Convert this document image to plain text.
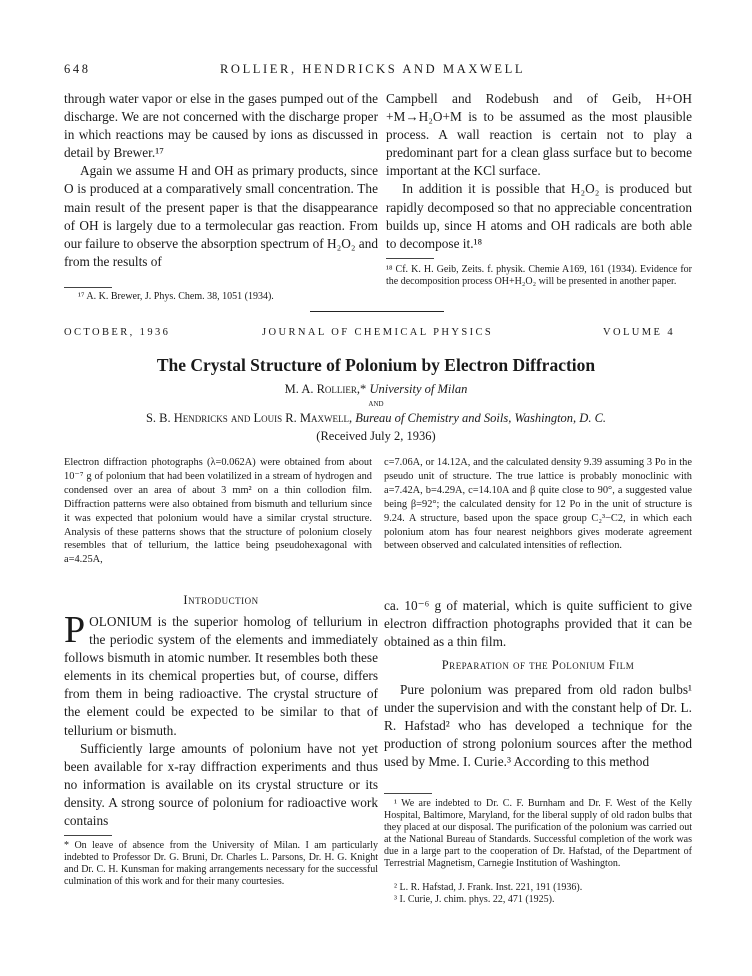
648	ROLLIER, HENDRICKS AND MAXWELL

through water vapor or else in the gases pumped out of the discharge. We are not concerned with the discharge proper in which reactions may be caused by ions as discussed in detail by Brewer.¹⁷

Again we assume H and OH as primary products, since O is produced at a comparatively small concentration. The main result of the present paper is that the disappearance of OH is largely due to a termolecular gas reaction. From our failure to observe the absorption spectrum of H₂O₂ and from the results of

¹⁷ A. K. Brewer, J. Phys. Chem. 38, 1051 (1934).

Campbell and Rodebush and of Geib, H+OH +M→H₂O+M is to be assumed as the most plausible process. A wall reaction is certain not to play a predominant part for a clean glass surface but to become important at the KCl surface.

In addition it is possible that H₂O₂ is produced but rapidly decomposed so that no appreciable concentration builds up, since H atoms and OH radicals are both able to decompose it.¹⁸

¹⁸ Cf. K. H. Geib, Zeits. f. physik. Chemie A169, 161 (1934). Evidence for the decomposition process OH+H₂O₂ will be presented in another paper.
OCTOBER, 1936	JOURNAL OF CHEMICAL PHYSICS	VOLUME 4
The Crystal Structure of Polonium by Electron Diffraction
M. A. Rollier,* University of Milan
and
S. B. Hendricks and Louis R. Maxwell, Bureau of Chemistry and Soils, Washington, D. C.
(Received July 2, 1936)
Electron diffraction photographs (λ=0.062A) were obtained from about 10⁻⁷ g of polonium that had been volatilized in a stream of hydrogen and condensed over an area of about 3 mm² on a thin collodion film. Diffraction patterns were also obtained from bismuth and tellurium since it was expected that polonium would have a similar crystal structure. Analysis of these patterns shows that the structure of polonium closely resembles that of tellurium, the lattice being pseudohexagonal with a=4.25A,
c=7.06A, or 14.12A, and the calculated density 9.39 assuming 3 Po in the pseudo unit of structure. The true lattice is probably monoclinic with a=7.42A, b=4.29A, c=14.10A and β quite close to 90°, a suggested value being β=92°; the calculated density for 12 Po in the unit of structure is 9.24. A structure, based upon the space group C₂³−C2, in which each polonium atom has four nearest neighbors gives moderate agreement between observed and calculated intensities of reflection.
Introduction

POLONIUM is the superior homolog of tellurium in the periodic system of the elements and immediately follows bismuth in atomic number. It resembles both these elements in its chemical properties but, of course, differs from them in being radioactive. The crystal structure of the element could be expected to be similar to that of tellurium or bismuth.

Sufficiently large amounts of polonium have not yet been available for x-ray diffraction experiments and thus no information is available on its crystal structure or its density. A strong source of polonium for radioactive work contains

* On leave of absence from the University of Milan. I am particularly indebted to Professor Dr. G. Bruni, Dr. Charles L. Parsons, Dr. H. G. Knight and Dr. C. H. Kunsman for making arrangements necessary for the successful culmination of this work and for their many courtesies.
ca. 10⁻⁶ g of material, which is quite sufficient to give electron diffraction photographs provided that it can be obtained as a thin film.
Preparation of the Polonium Film
Pure polonium was prepared from old radon bulbs¹ under the supervision and with the constant help of Dr. L. R. Hafstad² who has developed a technique for the production of strong polonium sources after the method used by Mme. I. Curie.³ According to this method
¹ We are indebted to Dr. C. F. Burnham and Dr. F. West of the Kelly Hospital, Baltimore, Maryland, for the liberal supply of old radon bulbs that they placed at our disposal. The purification of the polonium was carried out at the National Bureau of Standards. Successful completion of the work was due in a large part to the cooperation of Dr. Hafstad, of the Department of Terrestrial Magnetism, Carnegie Institution of Washington.
² L. R. Hafstad, J. Frank. Inst. 221, 191 (1936).
³ I. Curie, J. chim. phys. 22, 471 (1925).
